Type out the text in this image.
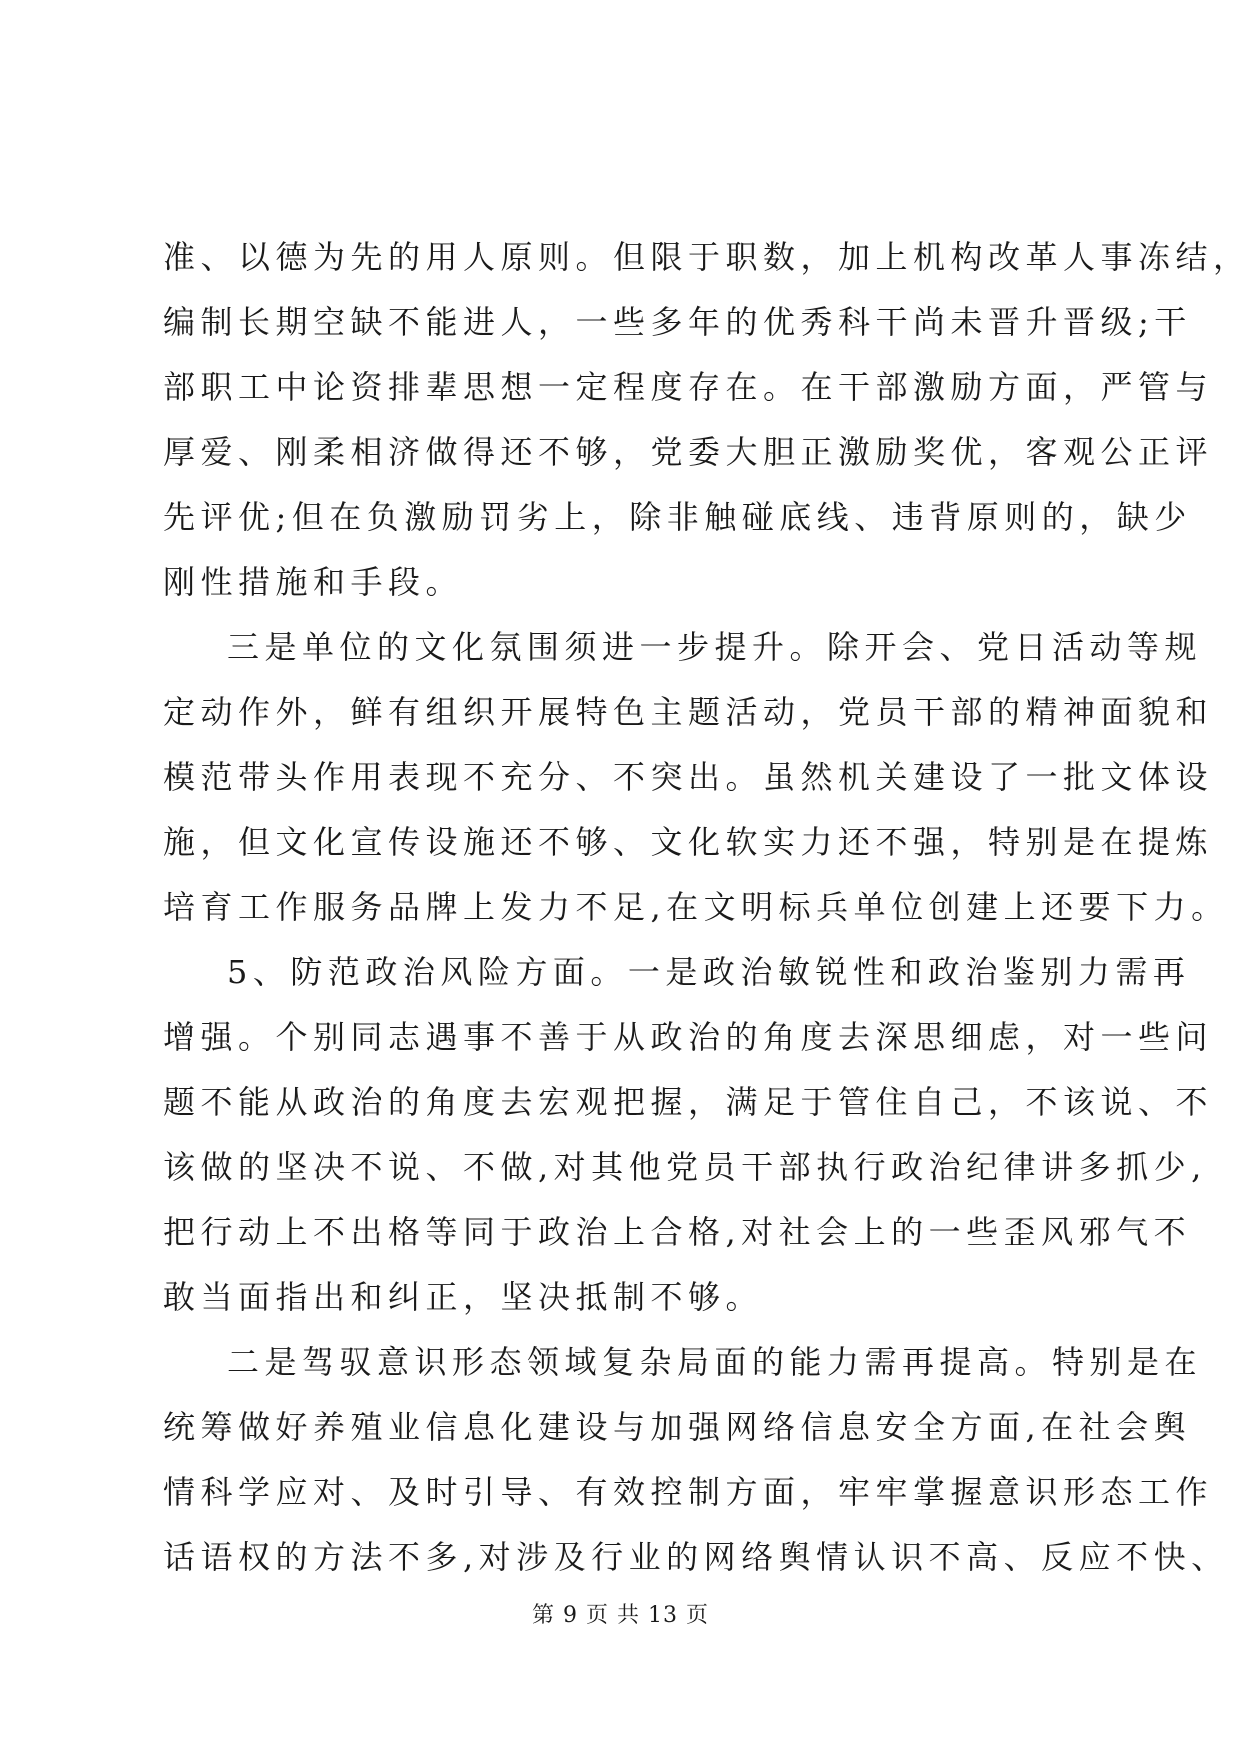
准、以德为先的用人原则。但限于职数，加上机构改革人事冻结，
编制长期空缺不能进人，一些多年的优秀科干尚未晋升晋级;干
部职工中论资排辈思想一定程度存在。在干部激励方面，严管与
厚爱、刚柔相济做得还不够，党委大胆正激励奖优，客观公正评
先评优;但在负激励罚劣上，除非触碰底线、违背原则的，缺少
刚性措施和手段。
三是单位的文化氛围须进一步提升。除开会、党日活动等规
定动作外，鲜有组织开展特色主题活动，党员干部的精神面貌和
模范带头作用表现不充分、不突出。虽然机关建设了一批文体设
施，但文化宣传设施还不够、文化软实力还不强，特别是在提炼
培育工作服务品牌上发力不足,在文明标兵单位创建上还要下力。
5、防范政治风险方面。一是政治敏锐性和政治鉴别力需再
增强。个别同志遇事不善于从政治的角度去深思细虑，对一些问
题不能从政治的角度去宏观把握，满足于管住自己，不该说、不
该做的坚决不说、不做,对其他党员干部执行政治纪律讲多抓少,
把行动上不出格等同于政治上合格,对社会上的一些歪风邪气不
敢当面指出和纠正，坚决抵制不够。
二是驾驭意识形态领域复杂局面的能力需再提高。特别是在
统筹做好养殖业信息化建设与加强网络信息安全方面,在社会舆
情科学应对、及时引导、有效控制方面，牢牢掌握意识形态工作
话语权的方法不多,对涉及行业的网络舆情认识不高、反应不快、
第 9 页 共 13 页
